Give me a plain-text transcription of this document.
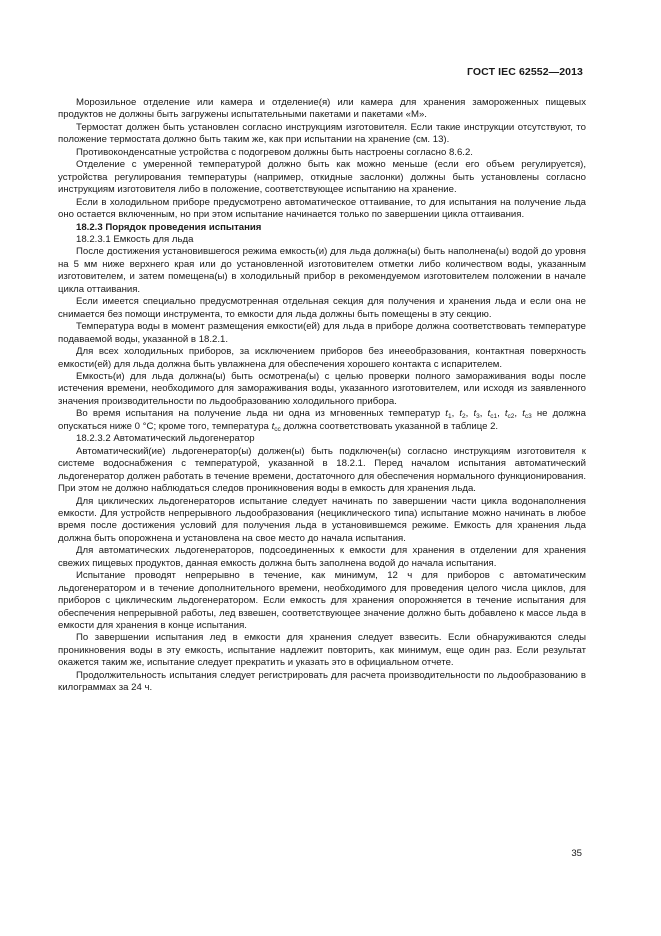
ГОСТ IEC 62552—2013

Морозильное отделение или камера и отделение(я) или камера для хранения замороженных пищевых продуктов не должны быть загружены испытательными пакетами и пакетами «М».

Термостат должен быть установлен согласно инструкциям изготовителя. Если такие инструкции отсутствуют, то положение термостата должно быть таким же, как при испытании на хранение (см. 13).

Противоконденсатные устройства с подогревом должны быть настроены согласно 8.6.2.

Отделение с умеренной температурой должно быть как можно меньше (если его объем регулируется), устройства регулирования температуры (например, откидные заслонки) должны быть установлены согласно инструкциям изготовителя либо в положение, соответствующее испытанию на хранение.

Если в холодильном приборе предусмотрено автоматическое оттаивание, то для испытания на получение льда оно остается включенным, но при этом испытание начинается только по завершении цикла оттаивания.

18.2.3 Порядок проведения испытания

18.2.3.1 Емкость для льда

После достижения установившегося режима емкость(и) для льда должна(ы) быть наполнена(ы) водой до уровня на 5 мм ниже верхнего края или до установленной изготовителем отметки либо количеством воды, указанным изготовителем, и затем помещена(ы) в холодильный прибор в рекомендуемом изготовителем положении в начале цикла оттаивания.

Если имеется специально предусмотренная отдельная секция для получения и хранения льда и если она не снимается без помощи инструмента, то емкости для льда должны быть помещены в эту секцию.

Температура воды в момент размещения емкости(ей) для льда в приборе должна соответствовать температуре подаваемой воды, указанной в 18.2.1.

Для всех холодильных приборов, за исключением приборов без инееобразования, контактная поверхность емкости(ей) для льда должна быть увлажнена для обеспечения хорошего контакта с испарителем.

Емкость(и) для льда должна(ы) быть осмотрена(ы) с целью проверки полного замораживания воды после истечения времени, необходимого для замораживания воды, указанного изготовителем, или исходя из заявленного значения производительности по льдообразованию холодильного прибора.

Во время испытания на получение льда ни одна из мгновенных температур $t_1$, $t_2$, $t_3$, $t_{c1}$, $t_{c2}$, $t_{c3}$ не должна опускаться ниже 0 °С; кроме того, температура $t_{cc}$ должна соответствовать указанной в таблице 2.

18.2.3.2 Автоматический льдогенератор

Автоматический(ие) льдогенератор(ы) должен(ы) быть подключен(ы) согласно инструкциям изготовителя к системе водоснабжения с температурой, указанной в 18.2.1. Перед началом испытания автоматический льдогенератор должен работать в течение времени, достаточного для обеспечения нормального функционирования. При этом не должно наблюдаться следов проникновения воды в емкость для хранения льда.

Для циклических льдогенераторов испытание следует начинать по завершении части цикла водонаполнения емкости. Для устройств непрерывного льдообразования (нециклического типа) испытание можно начинать в любое время после достижения условий для получения льда в установившемся режиме. Емкость для хранения льда должна быть опорожнена и установлена на свое место до начала испытания.

Для автоматических льдогенераторов, подсоединенных к емкости для хранения в отделении для хранения свежих пищевых продуктов, данная емкость должна быть заполнена водой до начала испытания.

Испытание проводят непрерывно в течение, как минимум, 12 ч для приборов с автоматическим льдогенератором и в течение дополнительного времени, необходимого для проведения целого числа циклов, для приборов с циклическим льдогенератором. Если емкость для хранения опорожняется в течение испытания для обеспечения непрерывной работы, лед взвешен, соответствующее значение должно быть добавлено к массе льда в емкости для хранения в конце испытания.

По завершении испытания лед в емкости для хранения следует взвесить. Если обнаруживаются следы проникновения воды в эту емкость, испытание надлежит повторить, как минимум, еще один раз. Если результат окажется таким же, испытание следует прекратить и указать это в официальном отчете.

Продолжительность испытания следует регистрировать для расчета производительности по льдообразованию в килограммах за 24 ч.

35
